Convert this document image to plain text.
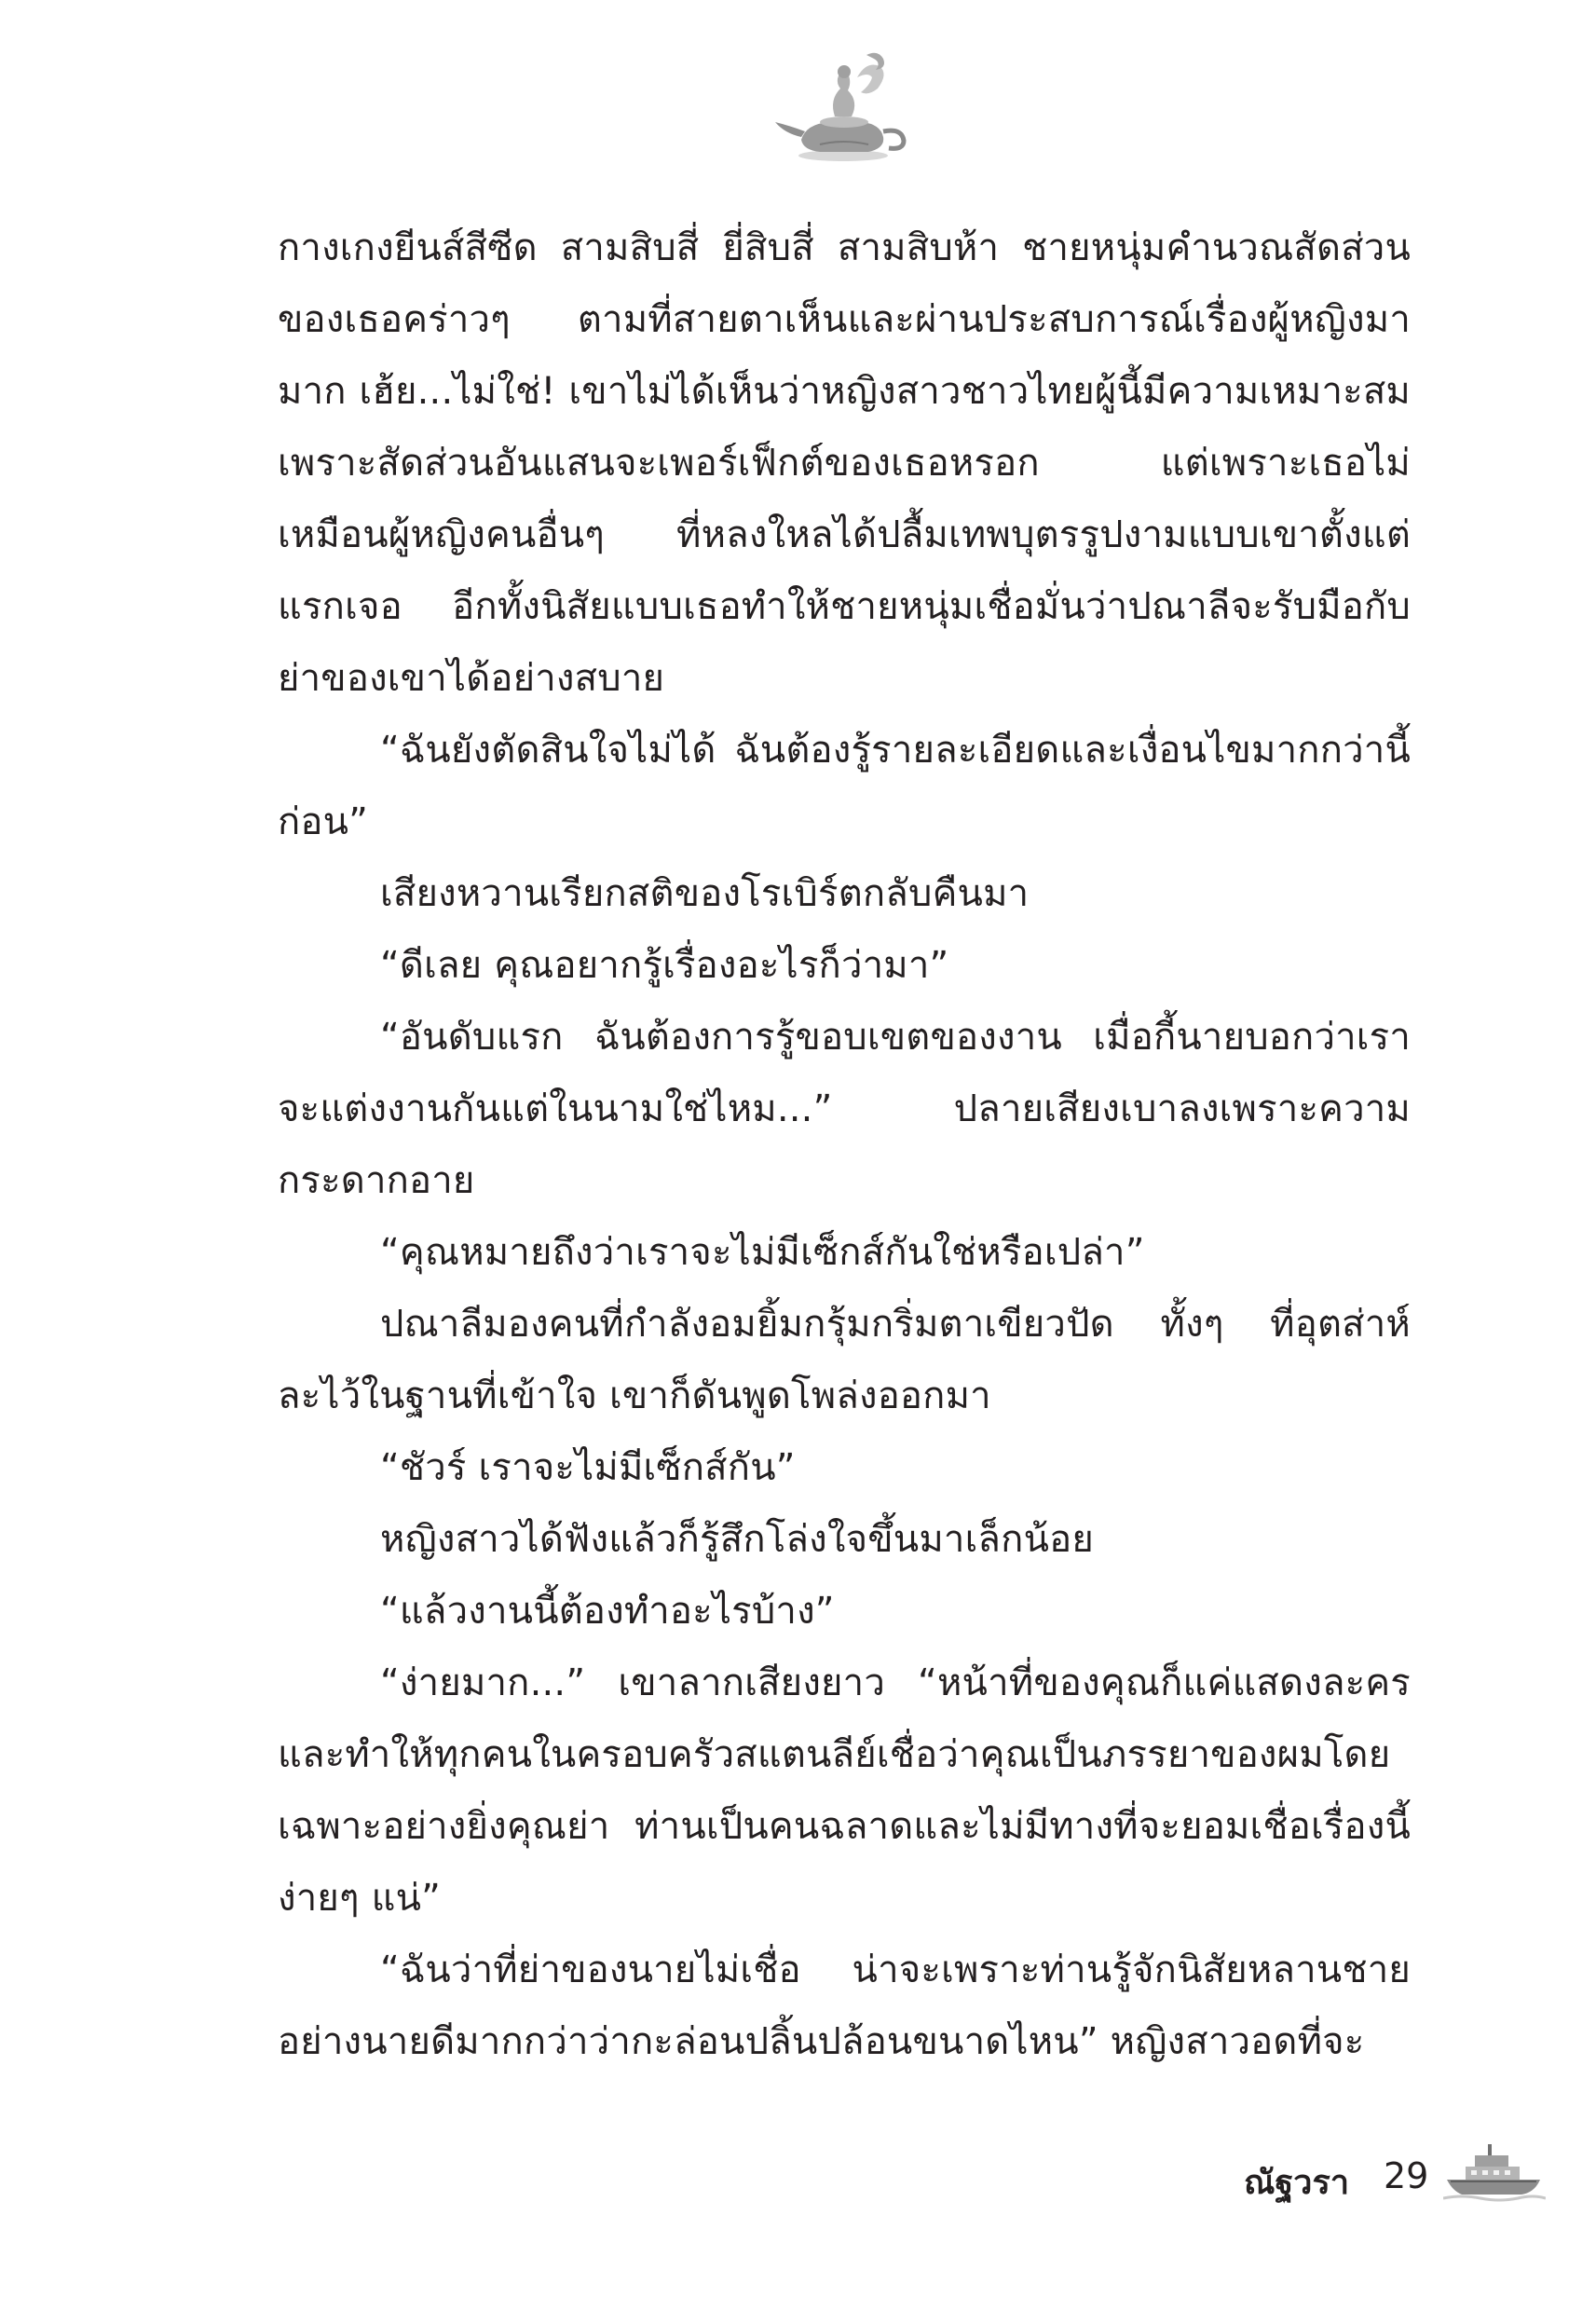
กางเกงยีนส์สีซีด สามสิบสี่ ยี่สิบสี่ สามสิบห้า ชายหนุ่มคำนวณสัดส่วนของเธอคร่าวๆ ตามที่สายตาเห็นและผ่านประสบการณ์เรื่องผู้หญิงมามาก เฮ้ย...ไม่ใช่! เขาไม่ได้เห็นว่าหญิงสาวชาวไทยผู้นี้มีความเหมาะสมเพราะสัดส่วนอันแสนจะเพอร์เฟ็กต์ของเธอหรอก แต่เพราะเธอไม่เหมือนผู้หญิงคนอื่นๆ ที่หลงใหลได้ปลื้มเทพบุตรรูปงามแบบเขาตั้งแต่แรกเจอ อีกทั้งนิสัยแบบเธอทำให้ชายหนุ่มเชื่อมั่นว่าปณาลีจะรับมือกับย่าของเขาได้อย่างสบาย

“ฉันยังตัดสินใจไม่ได้ ฉันต้องรู้รายละเอียดและเงื่อนไขมากกว่านี้ก่อน”

เสียงหวานเรียกสติของโรเบิร์ตกลับคืนมา

“ดีเลย คุณอยากรู้เรื่องอะไรก็ว่ามา”

“อันดับแรก ฉันต้องการรู้ขอบเขตของงาน เมื่อกี้นายบอกว่าเราจะแต่งงานกันแต่ในนามใช่ไหม...” ปลายเสียงเบาลงเพราะความกระดากอาย

“คุณหมายถึงว่าเราจะไม่มีเซ็กส์กันใช่หรือเปล่า”

ปณาลีมองคนที่กำลังอมยิ้มกรุ้มกริ่มตาเขียวปัด ทั้งๆ ที่อุตส่าห์ละไว้ในฐานที่เข้าใจ เขาก็ดันพูดโพล่งออกมา

“ชัวร์ เราจะไม่มีเซ็กส์กัน”

หญิงสาวได้ฟังแล้วก็รู้สึกโล่งใจขึ้นมาเล็กน้อย

“แล้วงานนี้ต้องทำอะไรบ้าง”

“ง่ายมาก...” เขาลากเสียงยาว “หน้าที่ของคุณก็แค่แสดงละครและทำให้ทุกคนในครอบครัวสแตนลีย์เชื่อว่าคุณเป็นภรรยาของผมโดยเฉพาะอย่างยิ่งคุณย่า ท่านเป็นคนฉลาดและไม่มีทางที่จะยอมเชื่อเรื่องนี้ง่ายๆ แน่”

“ฉันว่าที่ย่าของนายไม่เชื่อ น่าจะเพราะท่านรู้จักนิสัยหลานชายอย่างนายดีมากกว่าว่ากะล่อนปลิ้นปล้อนขนาดไหน” หญิงสาวอดที่จะ

ณัฐวรา 29
